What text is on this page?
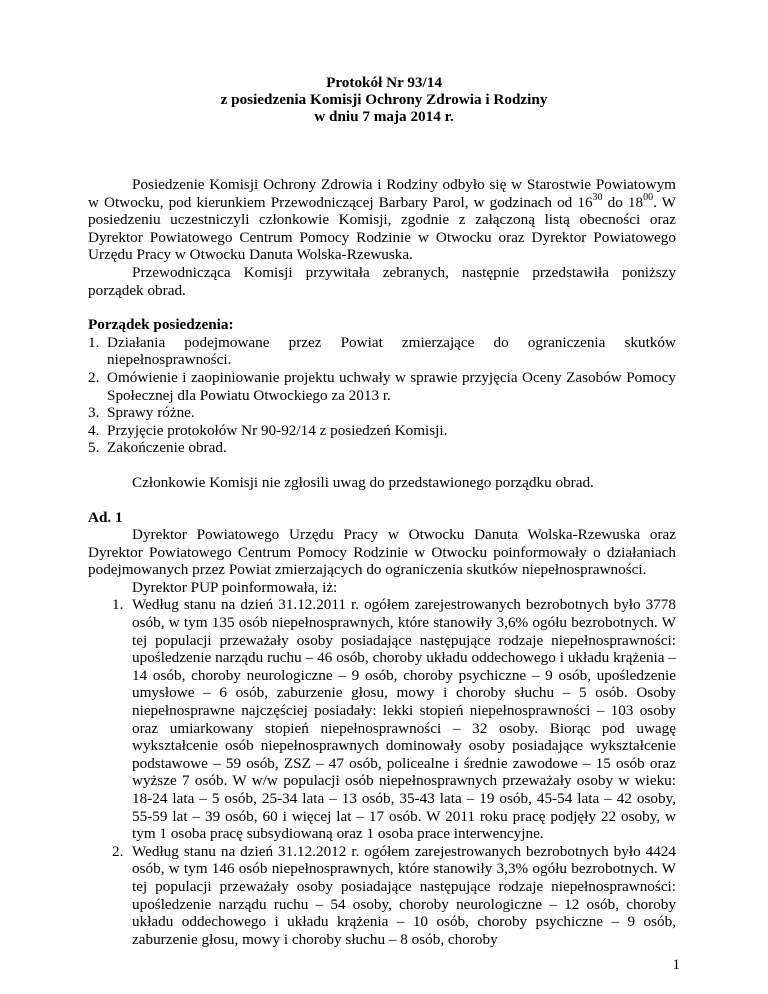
Protokół Nr 93/14
z posiedzenia Komisji Ochrony Zdrowia i Rodziny
w dniu 7 maja 2014 r.

Posiedzenie Komisji Ochrony Zdrowia i Rodziny odbyło się w Starostwie Powiatowym w Otwocku, pod kierunkiem Przewodniczącej Barbary Parol, w godzinach od $16^{30}$ do $18^{00}$. W posiedzeniu uczestniczyli członkowie Komisji, zgodnie z załączoną listą obecności oraz Dyrektor Powiatowego Centrum Pomocy Rodzinie w Otwocku oraz Dyrektor Powiatowego Urzędu Pracy w Otwocku Danuta Wolska-Rzewuska.

Przewodnicząca Komisji przywitała zebranych, następnie przedstawiła poniższy porządek obrad.

Porządek posiedzenia:

1. Działania podejmowane przez Powiat zmierzające do ograniczenia skutków niepełnosprawności.
2. Omówienie i zaopiniowanie projektu uchwały w sprawie przyjęcia Oceny Zasobów Pomocy Społecznej dla Powiatu Otwockiego za 2013 r.
3. Sprawy różne.
4. Przyjęcie protokołów Nr 90-92/14 z posiedzeń Komisji.
5. Zakończenie obrad.

Członkowie Komisji nie zgłosili uwag do przedstawionego porządku obrad.

Ad. 1

Dyrektor Powiatowego Urzędu Pracy w Otwocku Danuta Wolska-Rzewuska oraz Dyrektor Powiatowego Centrum Pomocy Rodzinie w Otwocku poinformowały o działaniach podejmowanych przez Powiat zmierzających do ograniczenia skutków niepełnosprawności.

Dyrektor PUP poinformowała, iż:

1. Według stanu na dzień 31.12.2011 r. ogółem zarejestrowanych bezrobotnych było 3778 osób, w tym 135 osób niepełnosprawnych, które stanowiły 3,6% ogółu bezrobotnych. W tej populacji przeważały osoby posiadające następujące rodzaje niepełnosprawności: upośledzenie narządu ruchu – 46 osób, choroby układu oddechowego i układu krążenia – 14 osób, choroby neurologiczne – 9 osób, choroby psychiczne – 9 osób, upośledzenie umysłowe – 6 osób, zaburzenie głosu, mowy i choroby słuchu – 5 osób. Osoby niepełnosprawne najczęściej posiadały: lekki stopień niepełnosprawności – 103 osoby oraz umiarkowany stopień niepełnosprawności – 32 osoby. Biorąc pod uwagę wykształcenie osób niepełnosprawnych dominowały osoby posiadające wykształcenie podstawowe – 59 osób, ZSZ – 47 osób, policealne i średnie zawodowe – 15 osób oraz wyższe 7 osób. W w/w populacji osób niepełnosprawnych przeważały osoby w wieku: 18-24 lata – 5 osób, 25-34 lata – 13 osób, 35-43 lata – 19 osób, 45-54 lata – 42 osoby, 55-59 lat – 39 osób, 60 i więcej lat – 17 osób. W 2011 roku pracę podjęły 22 osoby, w tym 1 osoba pracę subsydiowaną oraz 1 osoba prace interwencyjne.
2. Według stanu na dzień 31.12.2012 r. ogółem zarejestrowanych bezrobotnych było 4424 osób, w tym 146 osób niepełnosprawnych, które stanowiły 3,3% ogółu bezrobotnych. W tej populacji przeważały osoby posiadające następujące rodzaje niepełnosprawności: upośledzenie narządu ruchu – 54 osoby, choroby neurologiczne – 12 osób, choroby układu oddechowego i układu krążenia – 10 osób, choroby psychiczne – 9 osób, zaburzenie głosu, mowy i choroby słuchu – 8 osób, choroby
1
